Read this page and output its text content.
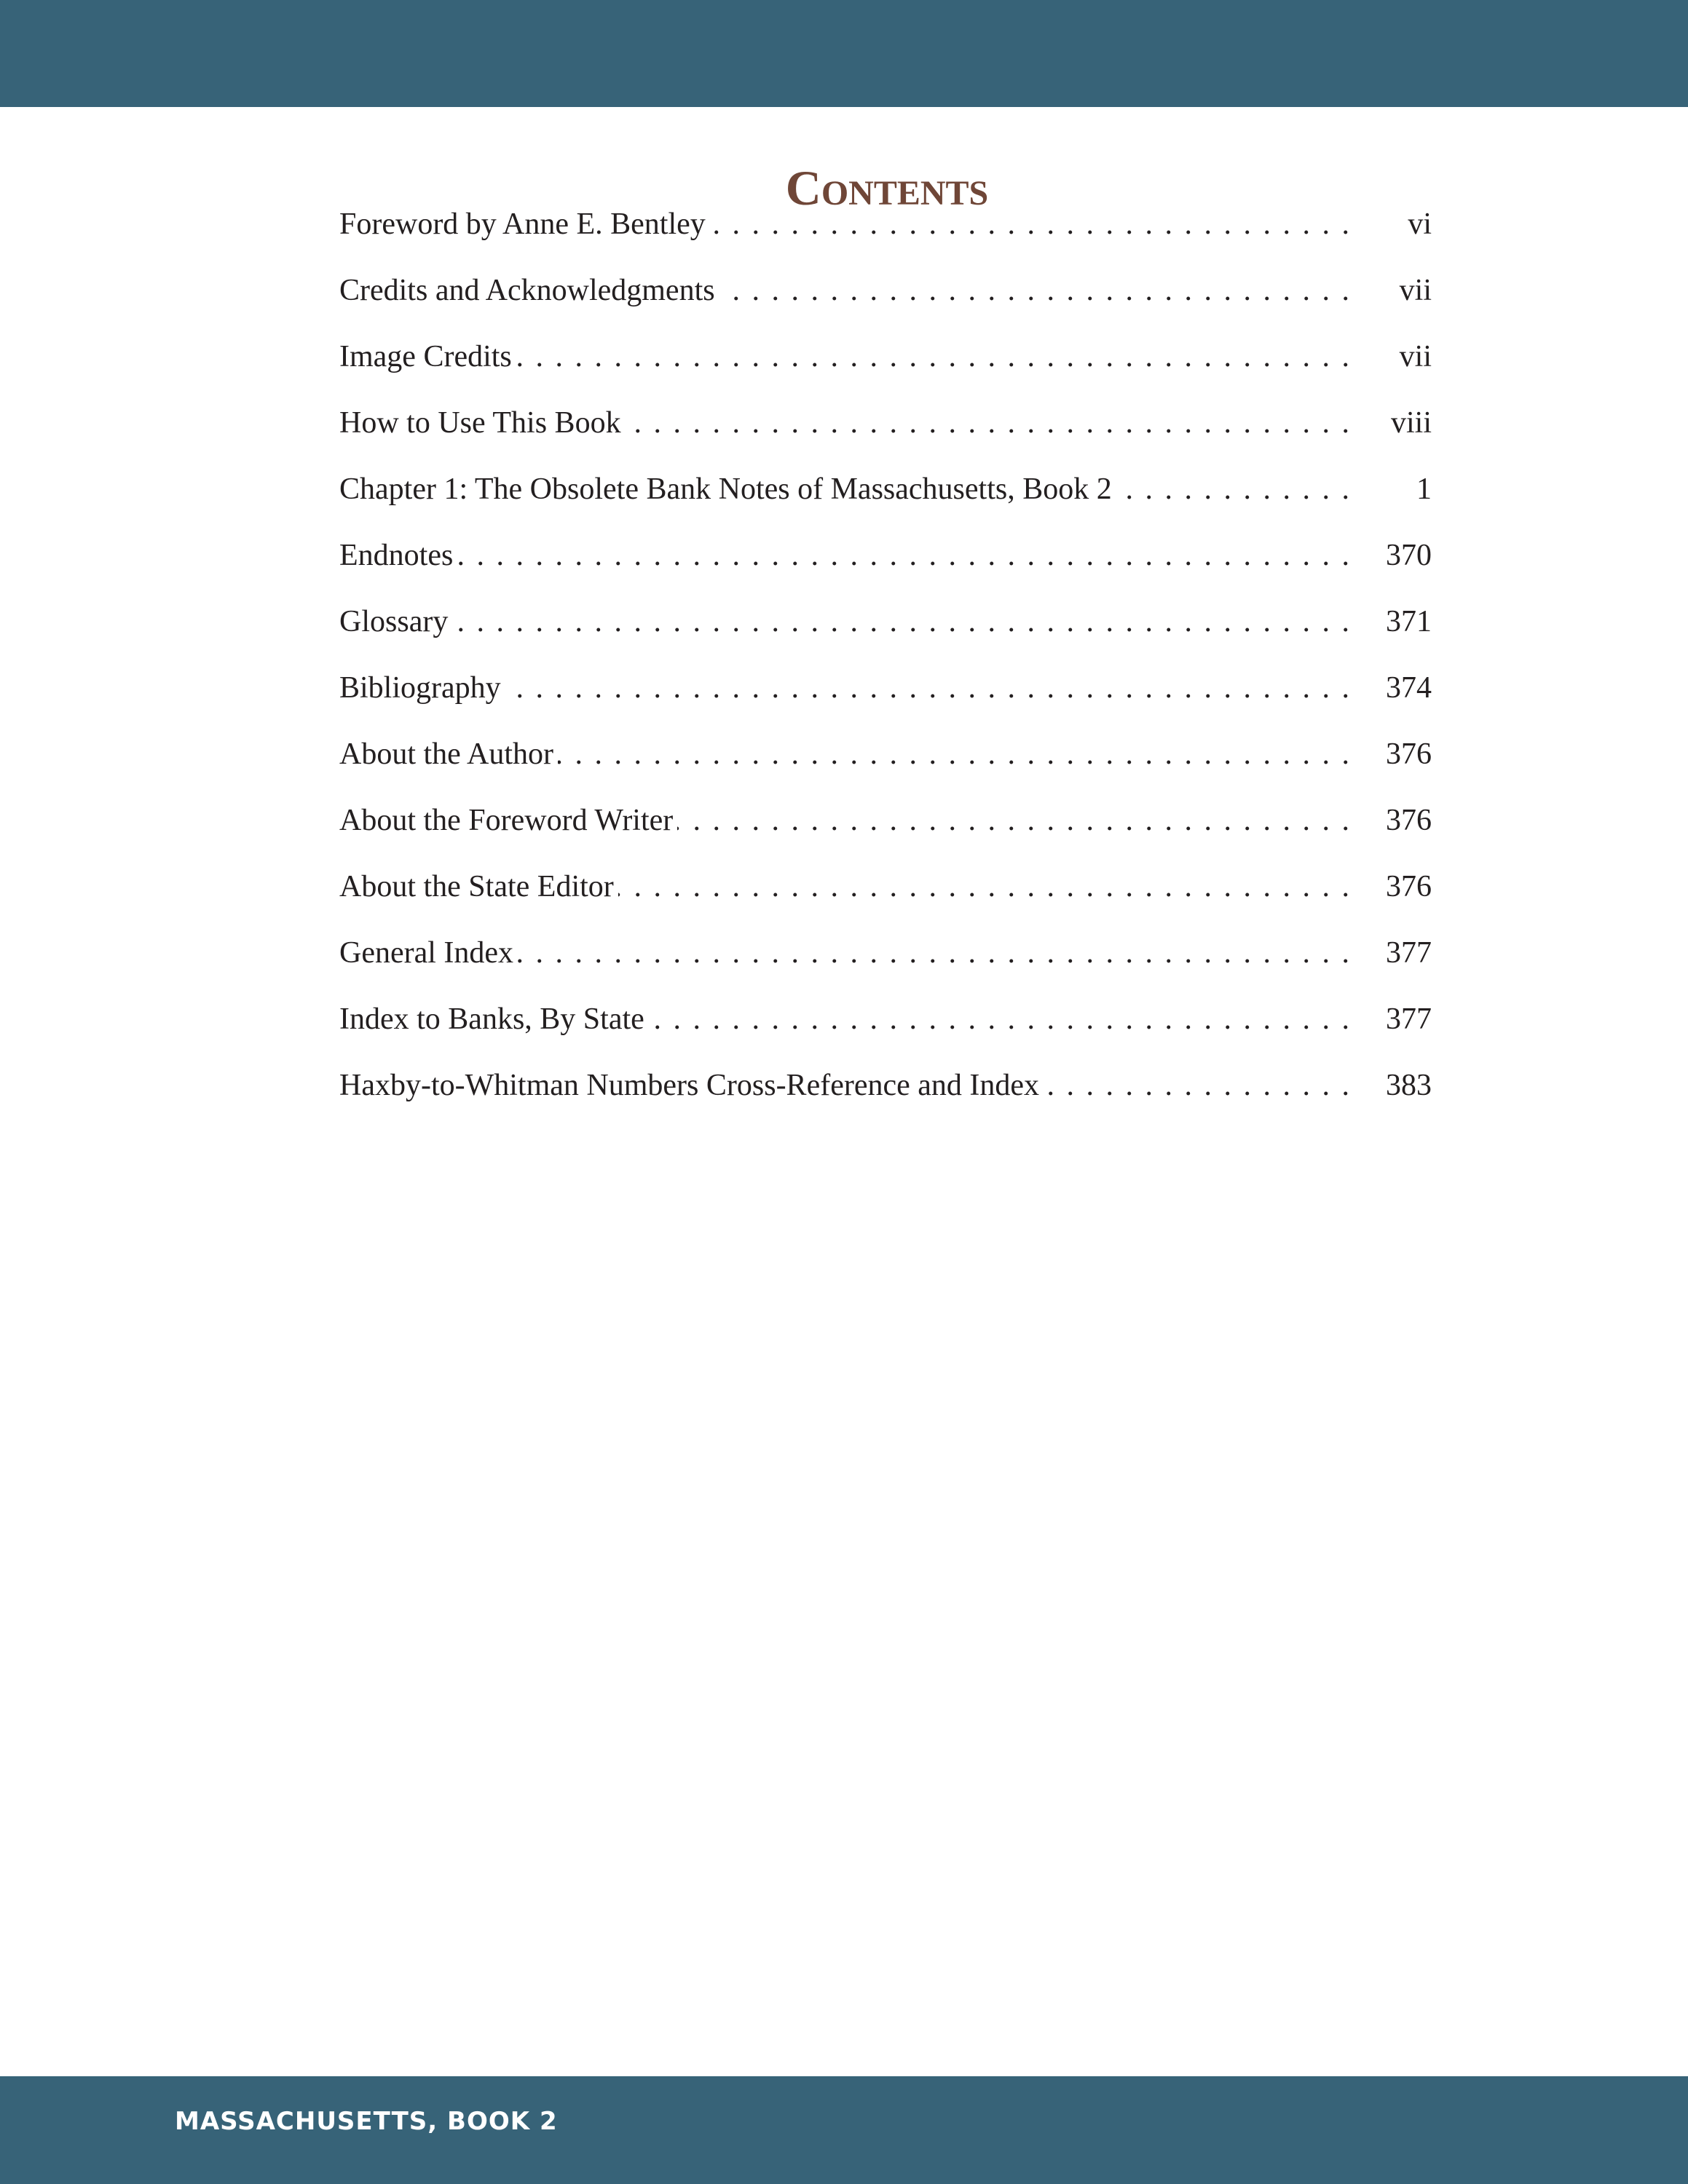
Contents
Foreword by Anne E. Bentley . . .	vi
Credits and Acknowledgments . . .	vii
Image Credits . . .	vii
How to Use This Book . . .	viii
Chapter 1: The Obsolete Bank Notes of Massachusetts, Book 2 . . .	1
Endnotes . . .	370
Glossary . . .	371
Bibliography . . .	374
About the Author . . .	376
About the Foreword Writer . . .	376
About the State Editor . . .	376
General Index . . .	377
Index to Banks, By State . . .	377
Haxby-to-Whitman Numbers Cross-Reference and Index . . .	383
MASSACHUSETTS, BOOK 2
